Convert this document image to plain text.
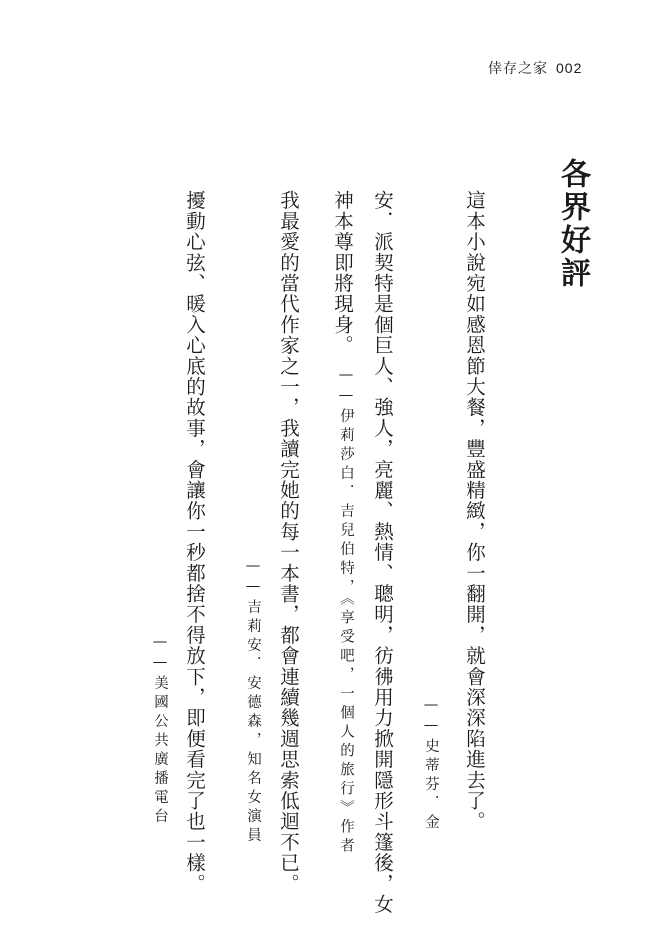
倖存之家 002
各界好評

這本小說宛如感恩節大餐，豐盛精緻，你一翻開，就會深深陷進去了。

——史蒂芬．金

安．派契特是個巨人、強人，亮麗、熱情、聰明，彷彿用力掀開隱形斗篷後，女

神本尊即將現身。

——伊莉莎白．吉兒伯特，《享受吧，一個人的旅行》作者

我最愛的當代作家之一，我讀完她的每一本書，都會連續幾週思索低迴不已。

——吉莉安．安德森，知名女演員

擾動心弦、暖入心底的故事，會讓你一秒都捨不得放下，即便看完了也一樣。

——美國公共廣播電台
